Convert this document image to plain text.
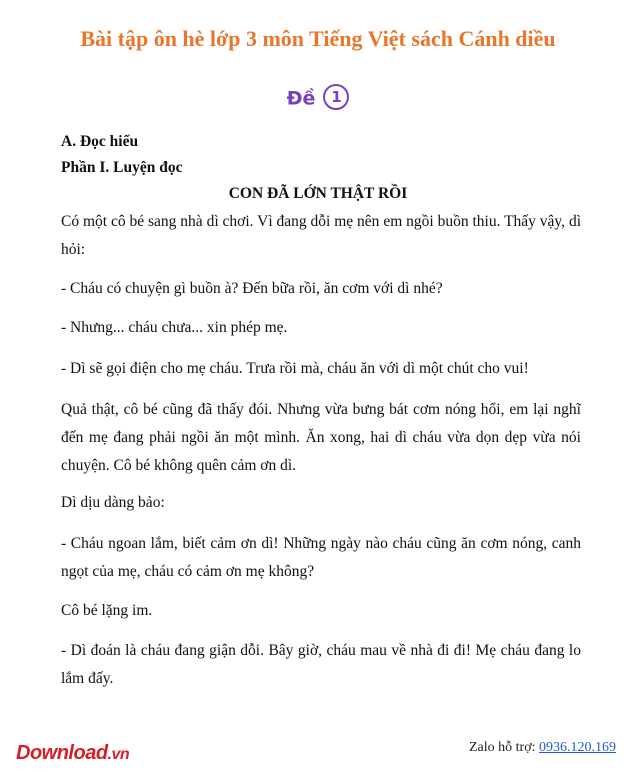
Bài tập ôn hè lớp 3 môn Tiếng Việt sách Cánh diều
Đề 1
A. Đọc hiểu
Phần I. Luyện đọc
CON ĐÃ LỚN THẬT RỒI
Có một cô bé sang nhà dì chơi. Vì đang dỗi mẹ nên em ngồi buồn thiu. Thấy vậy, dì hỏi:
- Cháu có chuyện gì buồn à? Đến bữa rồi, ăn cơm với dì nhé?
- Nhưng... cháu chưa... xin phép mẹ.
- Dì sẽ gọi điện cho mẹ cháu. Trưa rồi mà, cháu ăn với dì một chút cho vui!
Quả thật, cô bé cũng đã thấy đói. Nhưng vừa bưng bát cơm nóng hổi, em lại nghĩ đến mẹ đang phải ngồi ăn một mình. Ăn xong, hai dì cháu vừa dọn dẹp vừa nói chuyện. Cô bé không quên cảm ơn dì.
Dì dịu dàng bảo:
- Cháu ngoan lắm, biết cảm ơn dì! Những ngày nào cháu cũng ăn cơm nóng, canh ngọt của mẹ, cháu có cảm ơn mẹ không?
Cô bé lặng im.
- Dì đoán là cháu đang giận dỗi. Bây giờ, cháu mau về nhà đi đi! Mẹ cháu đang lo lắm đấy.
Download.vn	Zalo hỗ trợ: 0936.120.169
